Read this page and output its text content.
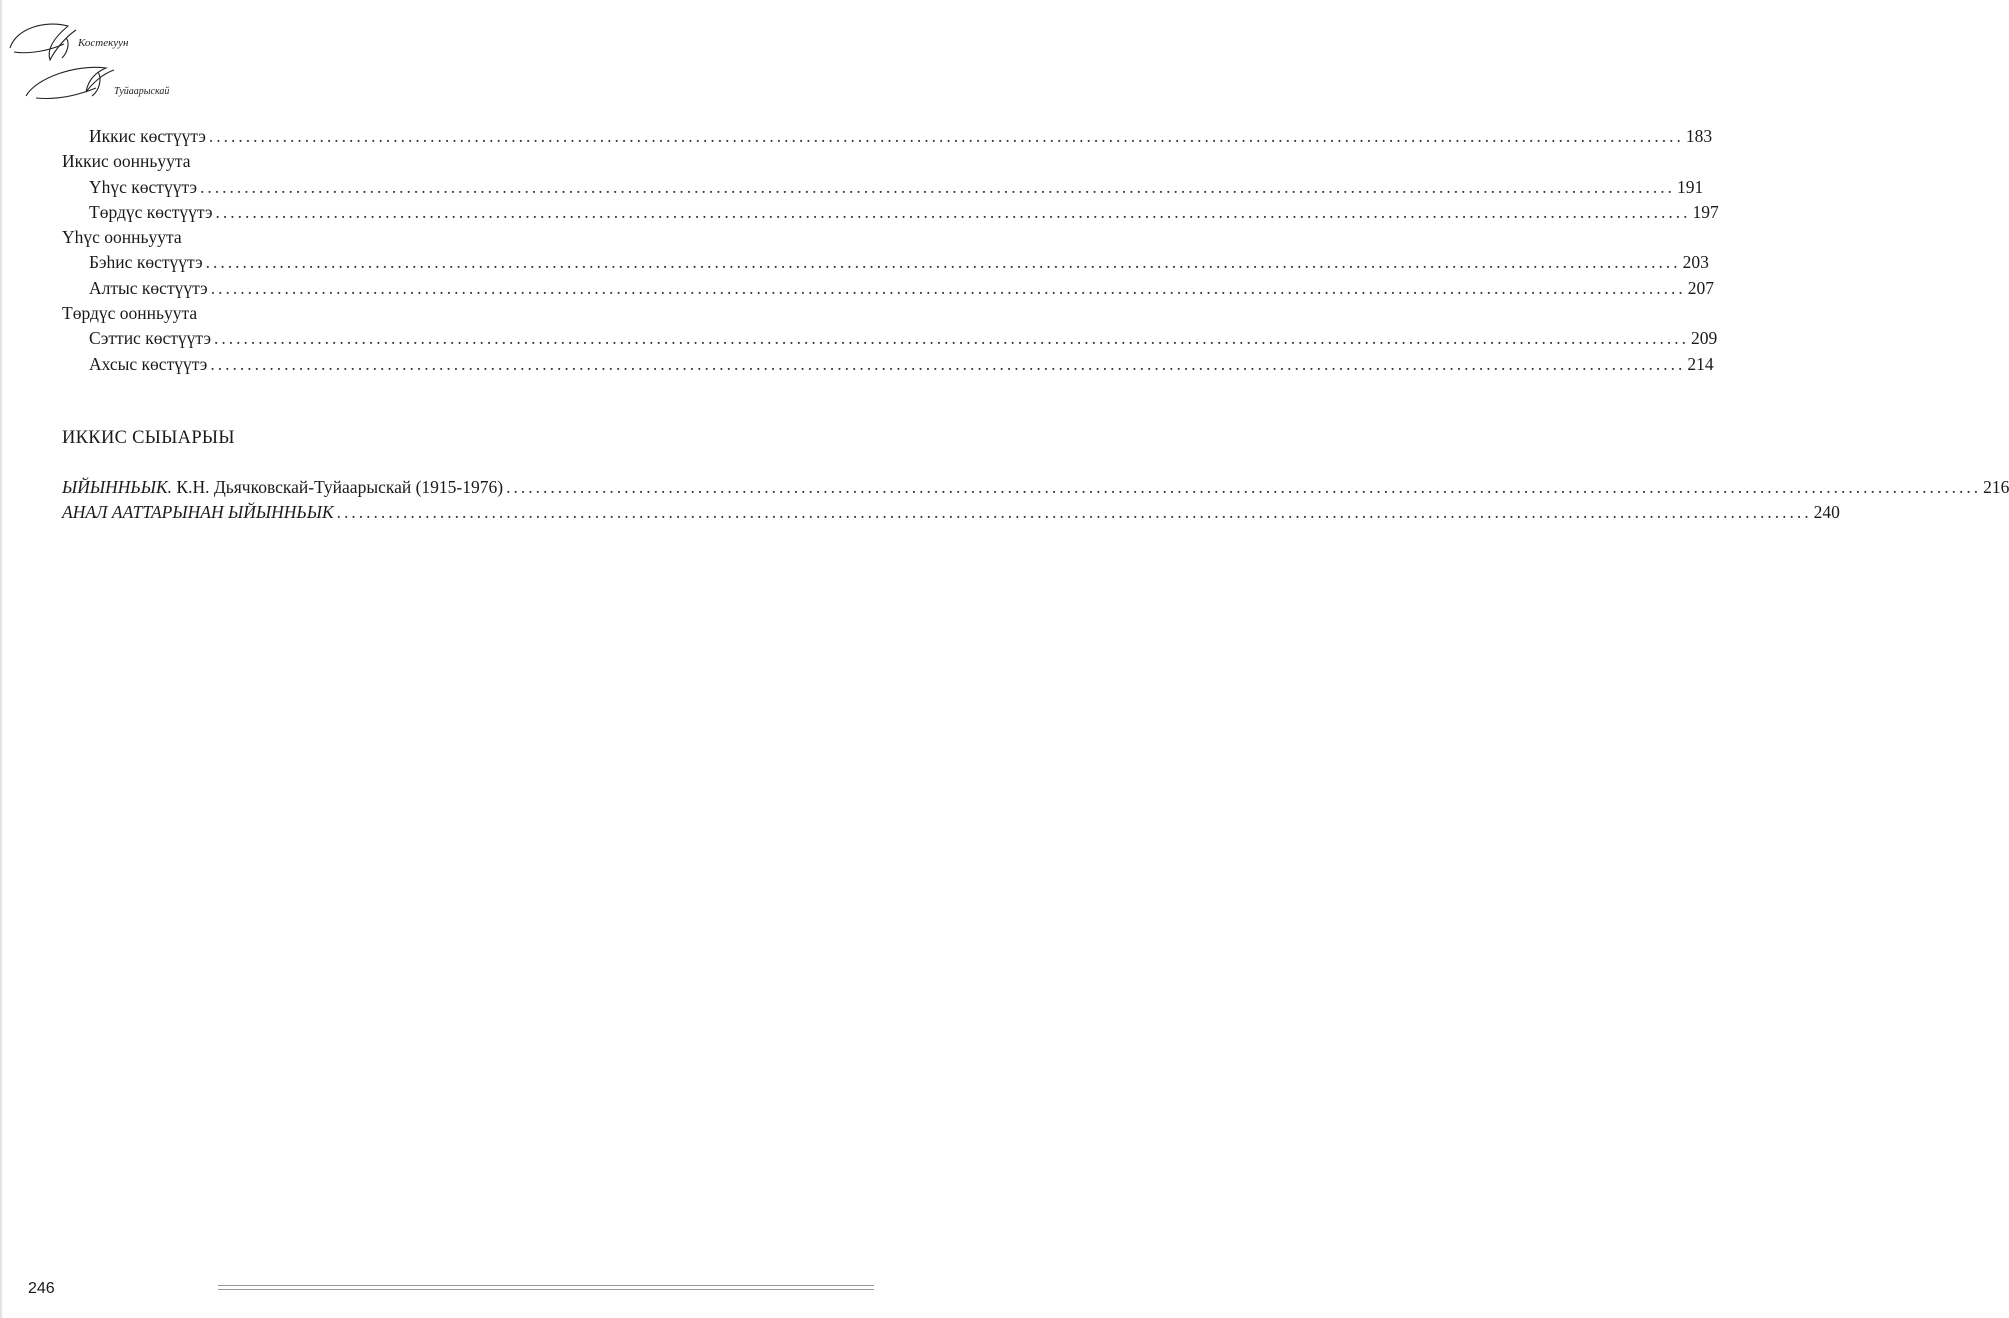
Костекуун
Туйаарыскай
Иккис көстүүтэ ........................................................................................................................................................................................................ 183
Иккис оонньуута
Үһүс көстүүтэ ........................................................................................................................................................................................................ 191
Төрдүс көстүүтэ ........................................................................................................................................................................................................ 197
Үһүс оонньуута
Бэһис көстүүтэ ........................................................................................................................................................................................................ 203
Алтыс көстүүтэ ........................................................................................................................................................................................................ 207
Төрдүс оонньуута
Сэттис көстүүтэ ........................................................................................................................................................................................................ 209
Ахсыс көстүүтэ ........................................................................................................................................................................................................ 214
ИККИС СЫЫАРЫЫ
ЫЙЫННЬЫК. К.Н. Дьячковскай-Туйаарыскай (1915-1976) ........................................................................................................................................................................................................ 216
АНАЛ ААТТАРЫНАН ЫЙЫННЬЫК ........................................................................................................................................................................................................ 240
246
